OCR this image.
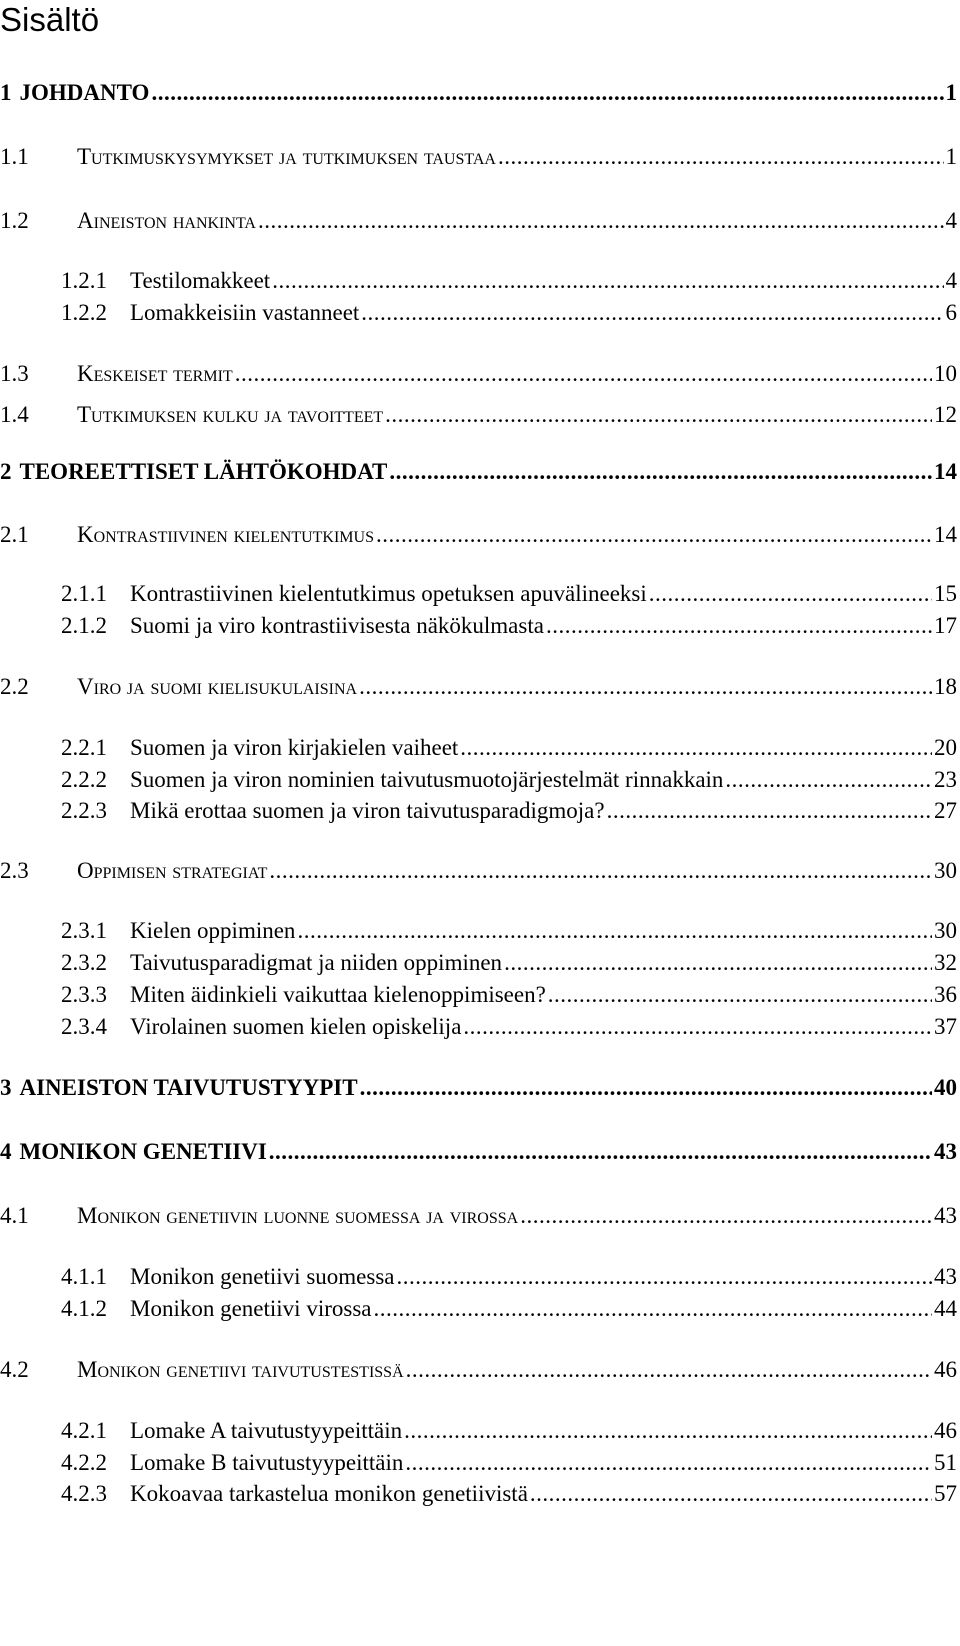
Sisältö
1 JOHDANTO .....	1
1.1	Tutkimuskysymykset ja tutkimuksen taustaa .....	1
1.2	Aineiston hankinta .....	4
1.2.1	Testilomakkeet .....	4
1.2.2	Lomakkeisiin vastanneet .....	6
1.3	Keskeiset termit .....	10
1.4	Tutkimuksen kulku ja tavoitteet .....	12
2 TEOREETTISET LÄHTÖKOHDAT .....	14
2.1	Kontrastiivinen kielentutkimus .....	14
2.1.1	Kontrastiivinen kielentutkimus opetuksen apuvälineeksi .....	15
2.1.2	Suomi ja viro kontrastiivisesta näkökulmasta .....	17
2.2	Viro ja suomi kielisukulaisina .....	18
2.2.1	Suomen ja viron kirjakielen vaiheet .....	20
2.2.2	Suomen ja viron nominien taivutusmuotojärjestelmät rinnakkain .....	23
2.2.3	Mikä erottaa suomen ja viron taivutusparadigmoja? .....	27
2.3	Oppimisen strategiat .....	30
2.3.1	Kielen oppiminen .....	30
2.3.2	Taivutusparadigmat ja niiden oppiminen .....	32
2.3.3	Miten äidinkieli vaikuttaa kielenoppimiseen? .....	36
2.3.4	Virolainen suomen kielen opiskelija .....	37
3 AINEISTON TAIVUTUSTYYPIT .....	40
4 MONIKON GENETIIVI .....	43
4.1	Monikon genetiivin luonne suomessa ja virossa .....	43
4.1.1	Monikon genetiivi suomessa .....	43
4.1.2	Monikon genetiivi virossa .....	44
4.2	Monikon genetiivi taivutustestissä .....	46
4.2.1	Lomake A taivutustyypeittäin .....	46
4.2.2	Lomake B taivutustyypeittäin .....	51
4.2.3	Kokoavaa tarkastelua monikon genetiivistä .....	57
